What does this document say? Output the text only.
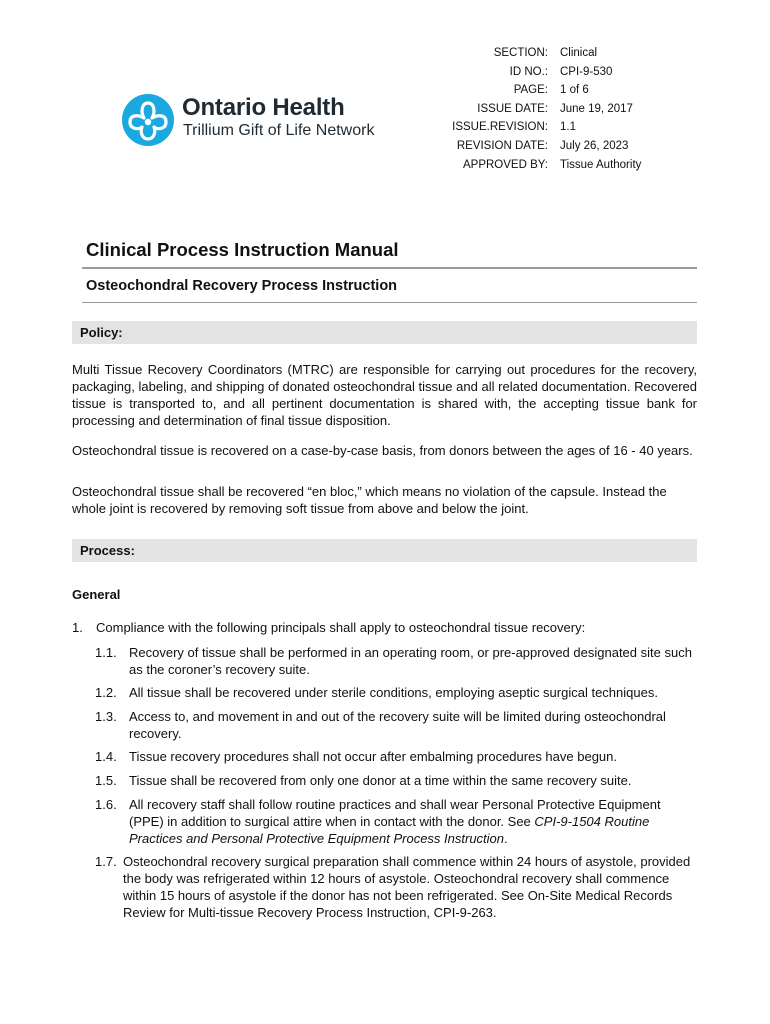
Ontario Health
Trillium Gift of Life Network
SECTION: Clinical
ID NO.: CPI-9-530
PAGE: 1 of 6
ISSUE DATE: June 19, 2017
ISSUE.REVISION: 1.1
REVISION DATE: July 26, 2023
APPROVED BY: Tissue Authority
Clinical Process Instruction Manual
Osteochondral Recovery Process Instruction
Policy:

Multi Tissue Recovery Coordinators (MTRC) are responsible for carrying out procedures for the recovery, packaging, labeling, and shipping of donated osteochondral tissue and all related documentation. Recovered tissue is transported to, and all pertinent documentation is shared with, the accepting tissue bank for processing and determination of final tissue disposition.

Osteochondral tissue is recovered on a case-by-case basis, from donors between the ages of 16 - 40 years.

Osteochondral tissue shall be recovered “en bloc,” which means no violation of the capsule. Instead the whole joint is recovered by removing soft tissue from above and below the joint.

Process:
General
1. Compliance with the following principals shall apply to osteochondral tissue recovery:
1.1. Recovery of tissue shall be performed in an operating room, or pre-approved designated site such as the coroner’s recovery suite.
1.2. All tissue shall be recovered under sterile conditions, employing aseptic surgical techniques.
1.3. Access to, and movement in and out of the recovery suite will be limited during osteochondral recovery.
1.4. Tissue recovery procedures shall not occur after embalming procedures have begun.
1.5. Tissue shall be recovered from only one donor at a time within the same recovery suite.
1.6. All recovery staff shall follow routine practices and shall wear Personal Protective Equipment (PPE) in addition to surgical attire when in contact with the donor. See CPI-9-1504 Routine Practices and Personal Protective Equipment Process Instruction.
1.7. Osteochondral recovery surgical preparation shall commence within 24 hours of asystole, provided the body was refrigerated within 12 hours of asystole. Osteochondral recovery shall commence within 15 hours of asystole if the donor has not been refrigerated. See On-Site Medical Records Review for Multi-tissue Recovery Process Instruction, CPI-9-263.
